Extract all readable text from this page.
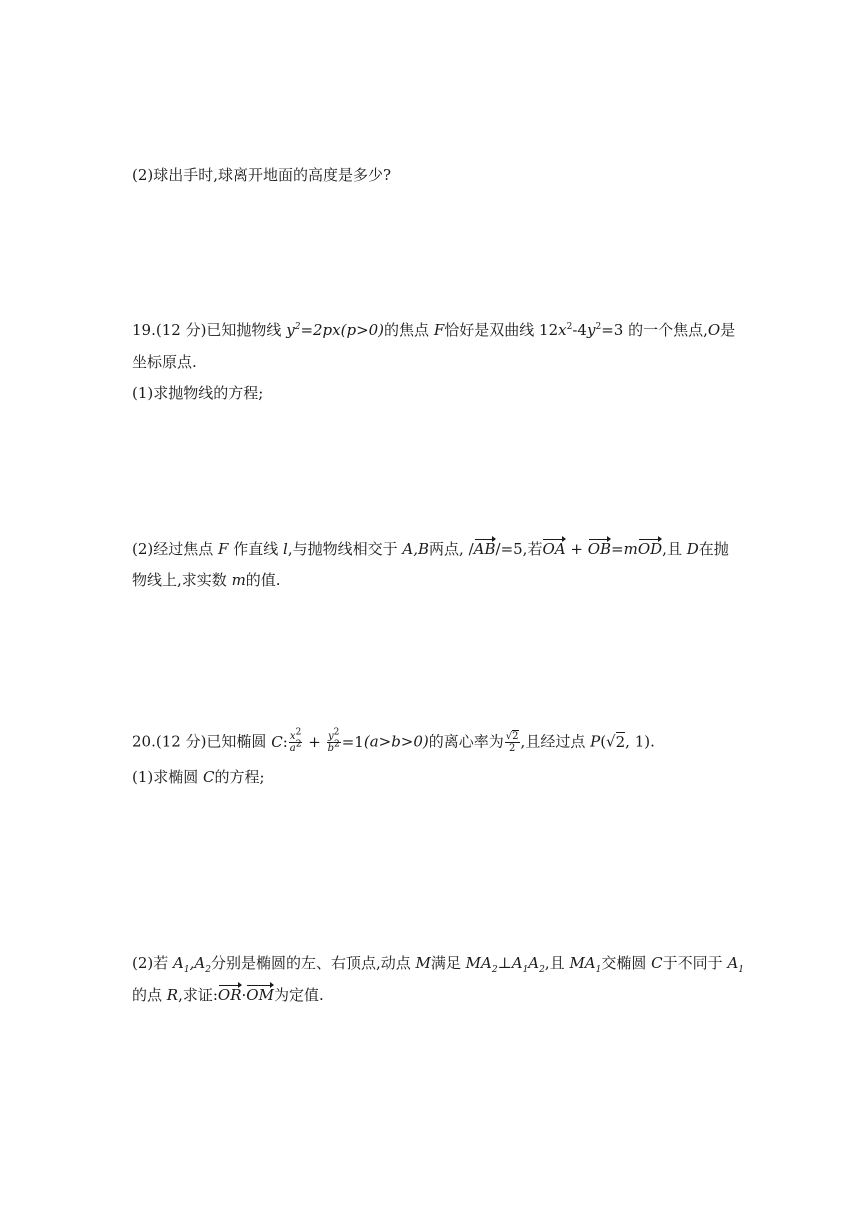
(2)球出手时,球离开地面的高度是多少?
19.(12 分)已知抛物线 $y^2=2px(p>0)$的焦点 F恰好是双曲线 $12x^2-4y^2=3$ 的一个焦点,O是
坐标原点.
(1)求抛物线的方程;
(2)经过焦点 F 作直线 l,与抛物线相交于 A,B两点, /AB/=5,若OA + OB=mOD,且 D在抛
物线上,求实数 m的值.
20.(12 分)已知椭圆 C: $\frac{x^2}{a^2} + \frac{y^2}{b^2} =1(a>b>0)$的离心率为 $\frac{√2}{2}$ ,且经过点 P(√2, 1).
(1)求椭圆 C的方程;
(2)若 $A_1,A_2$分别是椭圆的左、右顶点,动点 M满足 $MA_2\perp A_1A_2$,且 $MA_1$交椭圆 C于不同于 $A_1$
的点 R,求证:OR·OM为定值.
